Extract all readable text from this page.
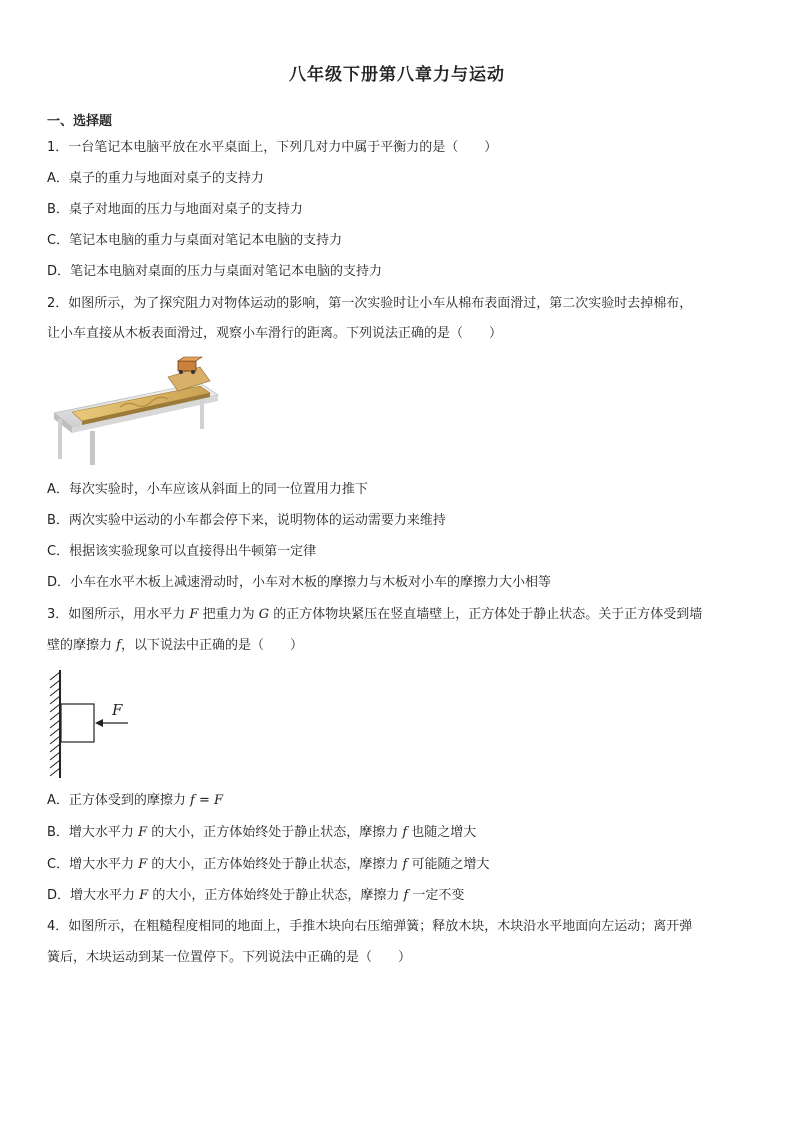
八年级下册第八章力与运动
一、选择题
1．一台笔记本电脑平放在水平桌面上，下列几对力中属于平衡力的是（　　）
A．桌子的重力与地面对桌子的支持力
B．桌子对地面的压力与地面对桌子的支持力
C．笔记本电脑的重力与桌面对笔记本电脑的支持力
D．笔记本电脑对桌面的压力与桌面对笔记本电脑的支持力
2．如图所示，为了探究阻力对物体运动的影响，第一次实验时让小车从棉布表面滑过，第二次实验时去掉棉布，
让小车直接从木板表面滑过，观察小车滑行的距离。下列说法正确的是（　　）
A．每次实验时，小车应该从斜面上的同一位置用力推下
B．两次实验中运动的小车都会停下来，说明物体的运动需要力来维持
C．根据该实验现象可以直接得出牛顿第一定律
D．小车在水平木板上减速滑动时，小车对木板的摩擦力与木板对小车的摩擦力大小相等
3．如图所示，用水平力 F 把重力为 G 的正方体物块紧压在竖直墙壁上，正方体处于静止状态。关于正方体受到墙
壁的摩擦力 f，以下说法中正确的是（　　）
F
A．正方体受到的摩擦力 f = F
B．增大水平力 F 的大小，正方体始终处于静止状态，摩擦力 f 也随之增大
C．增大水平力 F 的大小，正方体始终处于静止状态，摩擦力 f 可能随之增大
D．增大水平力 F 的大小，正方体始终处于静止状态，摩擦力 f 一定不变
4．如图所示，在粗糙程度相同的地面上，手推木块向右压缩弹簧；释放木块，木块沿水平地面向左运动；离开弹
簧后，木块运动到某一位置停下。下列说法中正确的是（　　）
